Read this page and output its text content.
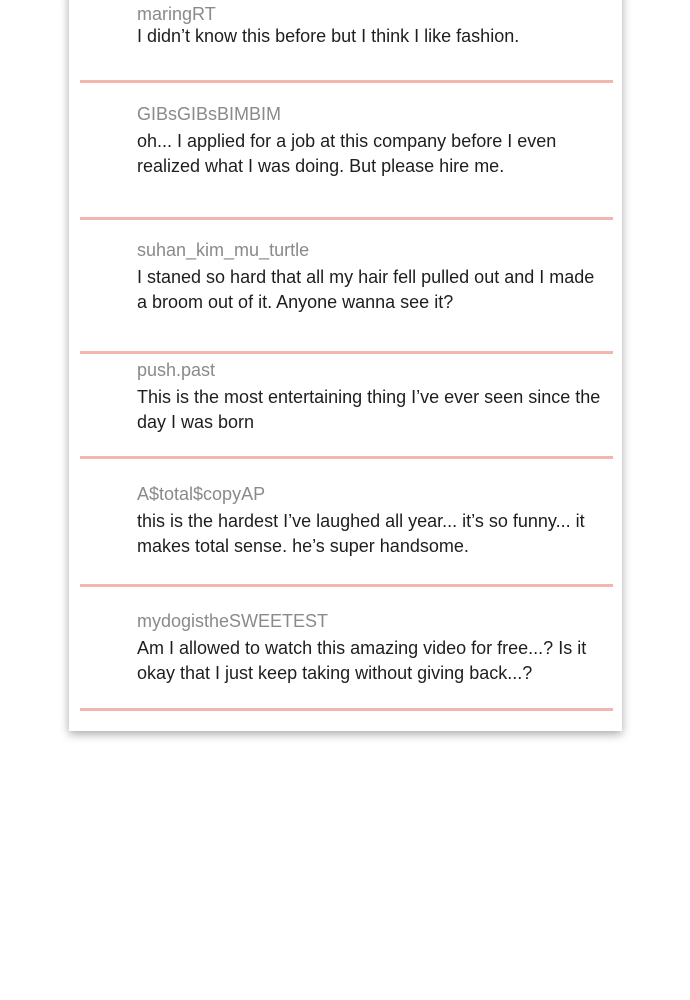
maringRT
I didn’t know this before but I think I like fashion.
GIBsGIBsBIMBIM
oh... I applied for a job at this company before I even realized what I was doing. But please hire me.
suhan_kim_mu_turtle
I staned so hard that all my hair fell pulled out and I made a broom out of it. Anyone wanna see it?
push.past
This is the most entertaining thing I’ve ever seen since the day I was born
A$total$copyAP
this is the hardest I’ve laughed all year... it’s so funny... it makes total sense. he’s super handsome.
mydogistheSWEETEST
Am I allowed to watch this amazing video for free...? Is it okay that I just keep taking without giving back...?
